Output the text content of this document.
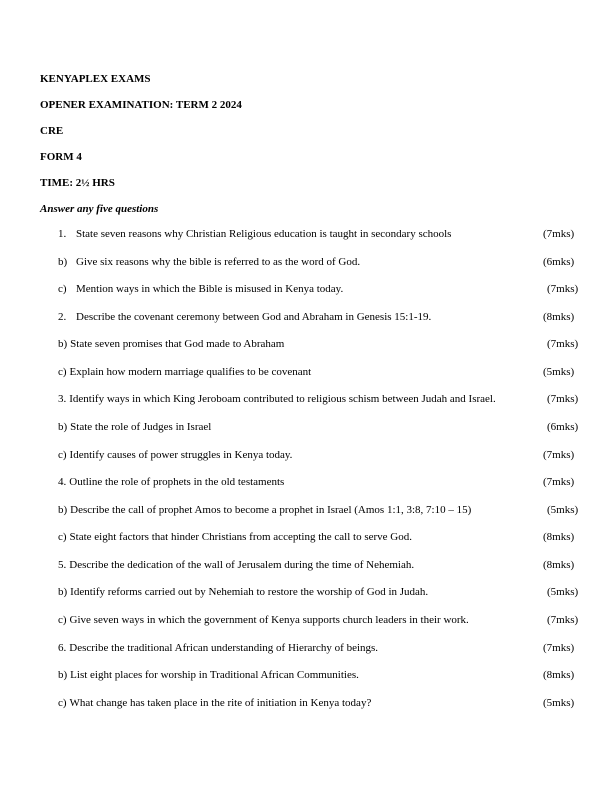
KENYAPLEX EXAMS
OPENER EXAMINATION: TERM 2 2024
CRE
FORM 4
TIME: 2½ HRS
Answer any five questions
1. State seven reasons why Christian Religious education is taught in secondary schools	(7mks)
b) Give six reasons why the bible is referred to as the word of God.	(6mks)
c) Mention ways in which the Bible is misused in Kenya today.	(7mks)
2. Describe the covenant ceremony between God and Abraham in Genesis 15:1-19.	(8mks)
b) State seven promises that God made to Abraham	(7mks)
c) Explain how modern marriage qualifies to be covenant	(5mks)
3. Identify ways in which King Jeroboam contributed to religious schism between Judah and Israel.	(7mks)
b) State the role of Judges in Israel	(6mks)
c) Identify causes of power struggles in Kenya today.	(7mks)
4. Outline the role of prophets in the old testaments	(7mks)
b) Describe the call of prophet Amos to become a prophet in Israel (Amos 1:1, 3:8, 7:10 – 15)	(5mks)
c) State eight factors that hinder Christians from accepting the call to serve God.	(8mks)
5. Describe the dedication of the wall of Jerusalem during the time of Nehemiah.	(8mks)
b) Identify reforms carried out by Nehemiah to restore the worship of God in Judah.	(5mks)
c) Give seven ways in which the government of Kenya supports church leaders in their work.	(7mks)
6. Describe the traditional African understanding of Hierarchy of beings.	(7mks)
b) List eight places for worship in Traditional African Communities.	(8mks)
c) What change has taken place in the rite of initiation in Kenya today?	(5mks)
